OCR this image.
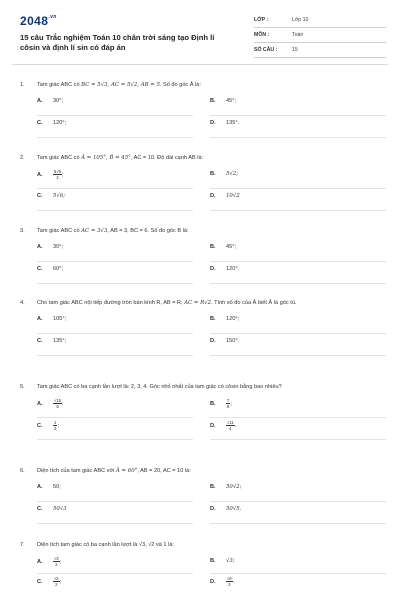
$2048^{.vn}$
15 câu Trắc nghiệm Toán 10 chân trời sáng tạo Định lí côsin và định lí sin có đáp án
LỚP :	Lớp 10
MÔN :	Toán
SỐ CÂU :	15
1. Tam giác ABC có BC = 5√3, AC = 5√2, AB = 5. Số đo góc Â là:
A. 30°;	B. 45°;
C. 120°;	D. 135°.
2. Tam giác ABC có Â = 105°, B̂ = 45°, AC = 10. Độ dài cạnh AB là:
A. $\frac{5√6}{2}$ ;	B. 5√2;
C. 5√6;	D. 10√2
3. Tam giác ABC có AC = 3√3, AB = 3, BC = 6. Số đo góc B là:
A. 30°;	B. 45°;
C. 60°;	D. 120°.
4. Cho tam giác ABC nội tiếp đường tròn bán kính R, AB = R, AC = R√2. Tính số đo của Â biết Â là góc tù.
A. 105°;	B. 120°;
C. 135°;	D. 150°.
5. Tam giác ABC có ba cạnh lần lượt là: 2, 3, 4. Góc nhỏ nhất của tam giác có côsin bằng bao nhiêu?
A. $\frac{√15}{8}$ ;	B. $\frac{7}{8}$ ;
C. $\frac{1}{2}$ ;	D. $\frac{√11}{4}$ .
6. Diện tích của tam giác ABC với Â = 60°, AB = 20, AC = 10 là:
A. 50;	B. 50√2;
C. 50√3	D. 50√5.
7. Diện tích tam giác có ba cạnh lần lượt là √3, √2 và 1 là:
A. $\frac{√3}{2}$ ;	B. √3;
C. $\frac{√2}{2}$ ;	D. $\frac{√6}{2}$ .
